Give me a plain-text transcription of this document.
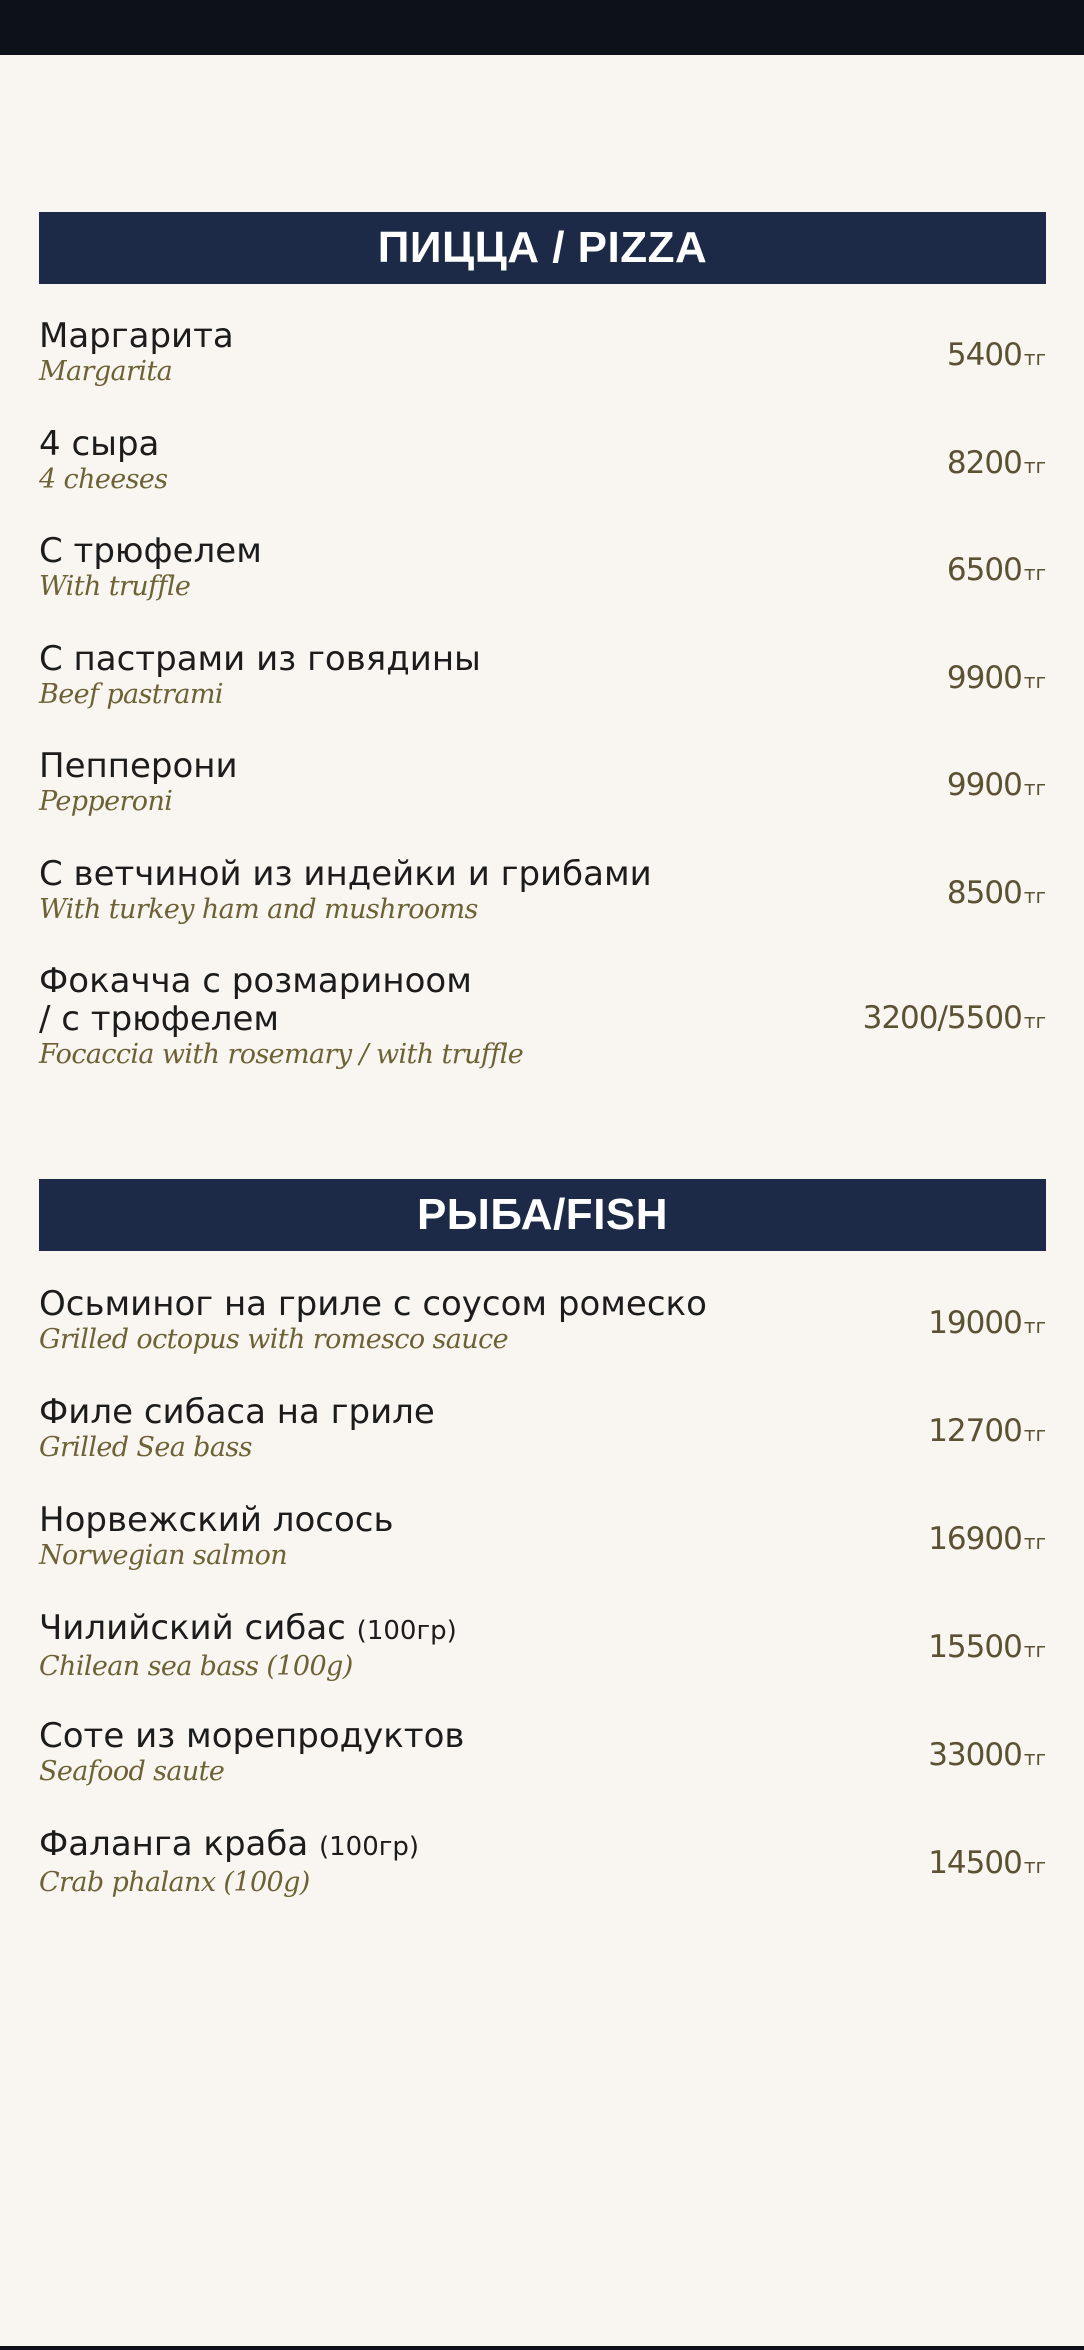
ПИЦЦА / PIZZA
Маргарита
Margarita	5400 тг
4 сыра
4 cheeses	8200 тг
С трюфелем
With truffle	6500 тг
С пастрами из говядины
Beef pastrami	9900 тг
Пепперони
Pepperoni	9900 тг
С ветчиной из индейки и грибами
With turkey ham and mushrooms	8500 тг
Фокачча с розмариноом
/ с трюфелем
Focaccia with rosemary / with truffle
3200/5500 тг
РЫБА/FISH
Осьминог на гриле с соусом ромеско
Grilled octopus with romesco sauce	19000 тг
Филе сибаса на гриле
Grilled Sea bass	12700 тг
Норвежский лосось
Norwegian salmon	16900 тг
Чилийский сибас (100гр)
Chilean sea bass (100g)
15500 тг
Соте из морепродуктов
Seafood saute	33000 тг
Фаланга краба (100гр)
Crab phalanx (100g)
14500 тг
